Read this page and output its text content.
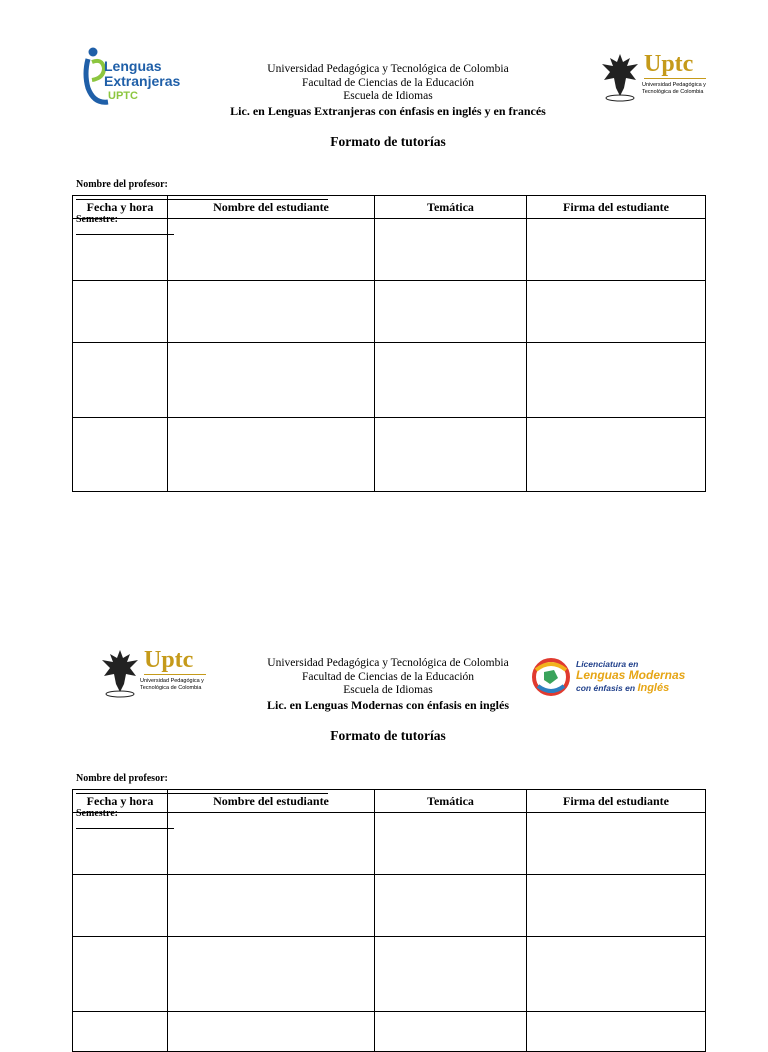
Lenguas
Extranjeras
UPTC
Uptc
Universidad Pedagógica y
Tecnológica de Colombia
Universidad Pedagógica y Tecnológica de Colombia
Facultad de Ciencias de la Educación
Escuela de Idiomas
Lic. en Lenguas Extranjeras con énfasis en inglés y en francés
Formato de tutorías

Nombre del profesor:

Semestre:

Fecha y hora	Nombre del estudiante	Temática	Firma del estudiante

Uptc
Universidad Pedagógica y
Tecnológica de Colombia
Licenciatura en
Lenguas Modernas
con énfasis en Inglés
Universidad Pedagógica y Tecnológica de Colombia
Facultad de Ciencias de la Educación
Escuela de Idiomas
Lic. en Lenguas Modernas con énfasis en inglés
Formato de tutorías

Nombre del profesor:

Semestre:

Fecha y hora	Nombre del estudiante	Temática	Firma del estudiante
